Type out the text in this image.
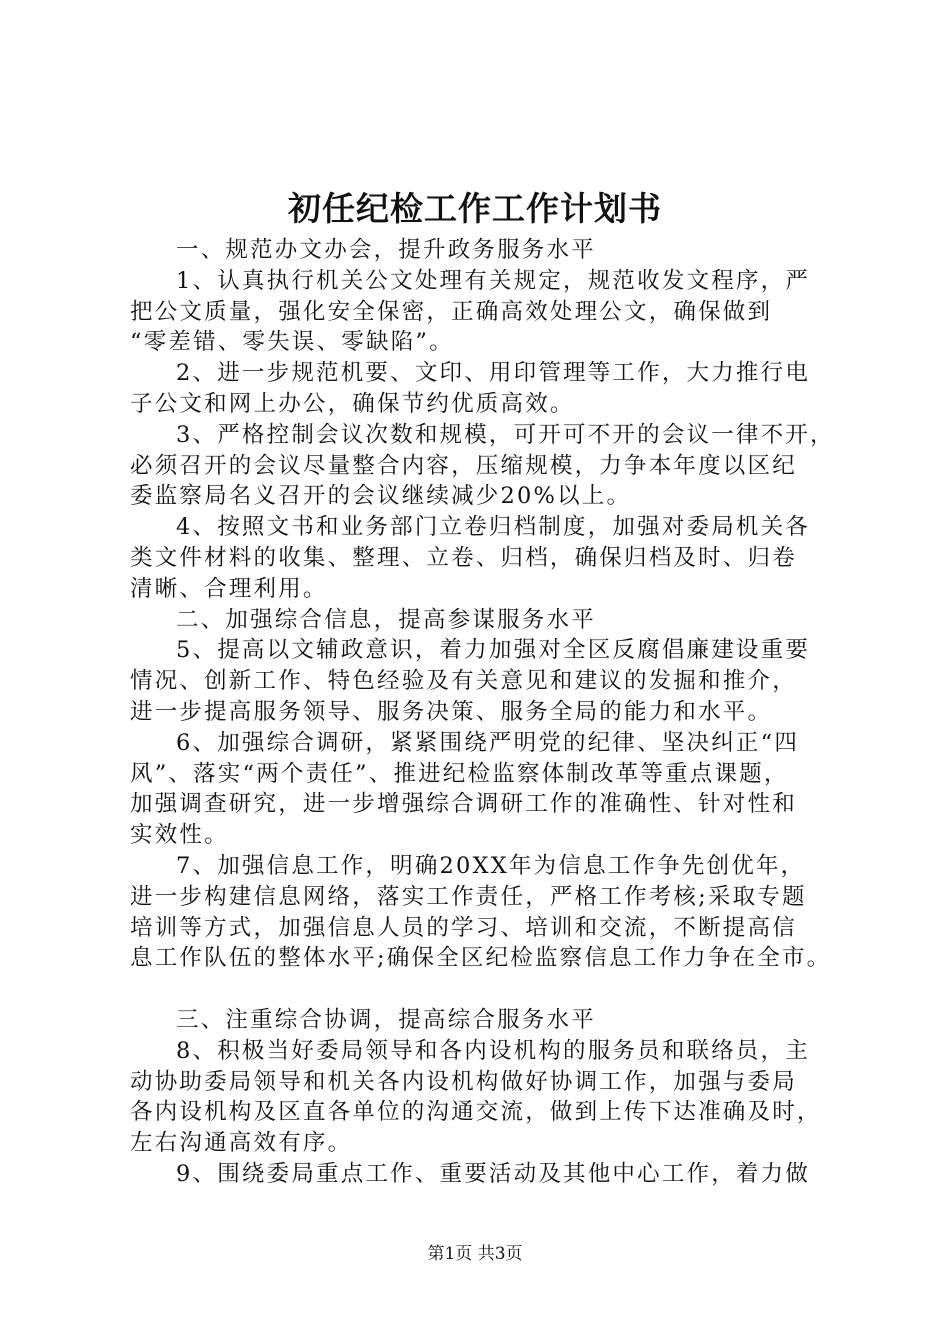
初任纪检工作工作计划书
一、规范办文办会，提升政务服务水平
1、认真执行机关公文处理有关规定，规范收发文程序，严
把公文质量，强化安全保密，正确高效处理公文，确保做到
“零差错、零失误、零缺陷”。
2、进一步规范机要、文印、用印管理等工作，大力推行电
子公文和网上办公，确保节约优质高效。
3、严格控制会议次数和规模，可开可不开的会议一律不开，
必须召开的会议尽量整合内容，压缩规模，力争本年度以区纪
委监察局名义召开的会议继续减少20%以上。
4、按照文书和业务部门立卷归档制度，加强对委局机关各
类文件材料的收集、整理、立卷、归档，确保归档及时、归卷
清晰、合理利用。
二、加强综合信息，提高参谋服务水平
5、提高以文辅政意识，着力加强对全区反腐倡廉建设重要
情况、创新工作、特色经验及有关意见和建议的发掘和推介，
进一步提高服务领导、服务决策、服务全局的能力和水平。
6、加强综合调研，紧紧围绕严明党的纪律、坚决纠正“四
风”、落实“两个责任”、推进纪检监察体制改革等重点课题，
加强调查研究，进一步增强综合调研工作的准确性、针对性和
实效性。
7、加强信息工作，明确20XX年为信息工作争先创优年，
进一步构建信息网络，落实工作责任，严格工作考核;采取专题
培训等方式，加强信息人员的学习、培训和交流，不断提高信
息工作队伍的整体水平;确保全区纪检监察信息工作力争在全市。
三、注重综合协调，提高综合服务水平
8、积极当好委局领导和各内设机构的服务员和联络员，主
动协助委局领导和机关各内设机构做好协调工作，加强与委局
各内设机构及区直各单位的沟通交流，做到上传下达准确及时，
左右沟通高效有序。
9、围绕委局重点工作、重要活动及其他中心工作，着力做
第1页 共3页
